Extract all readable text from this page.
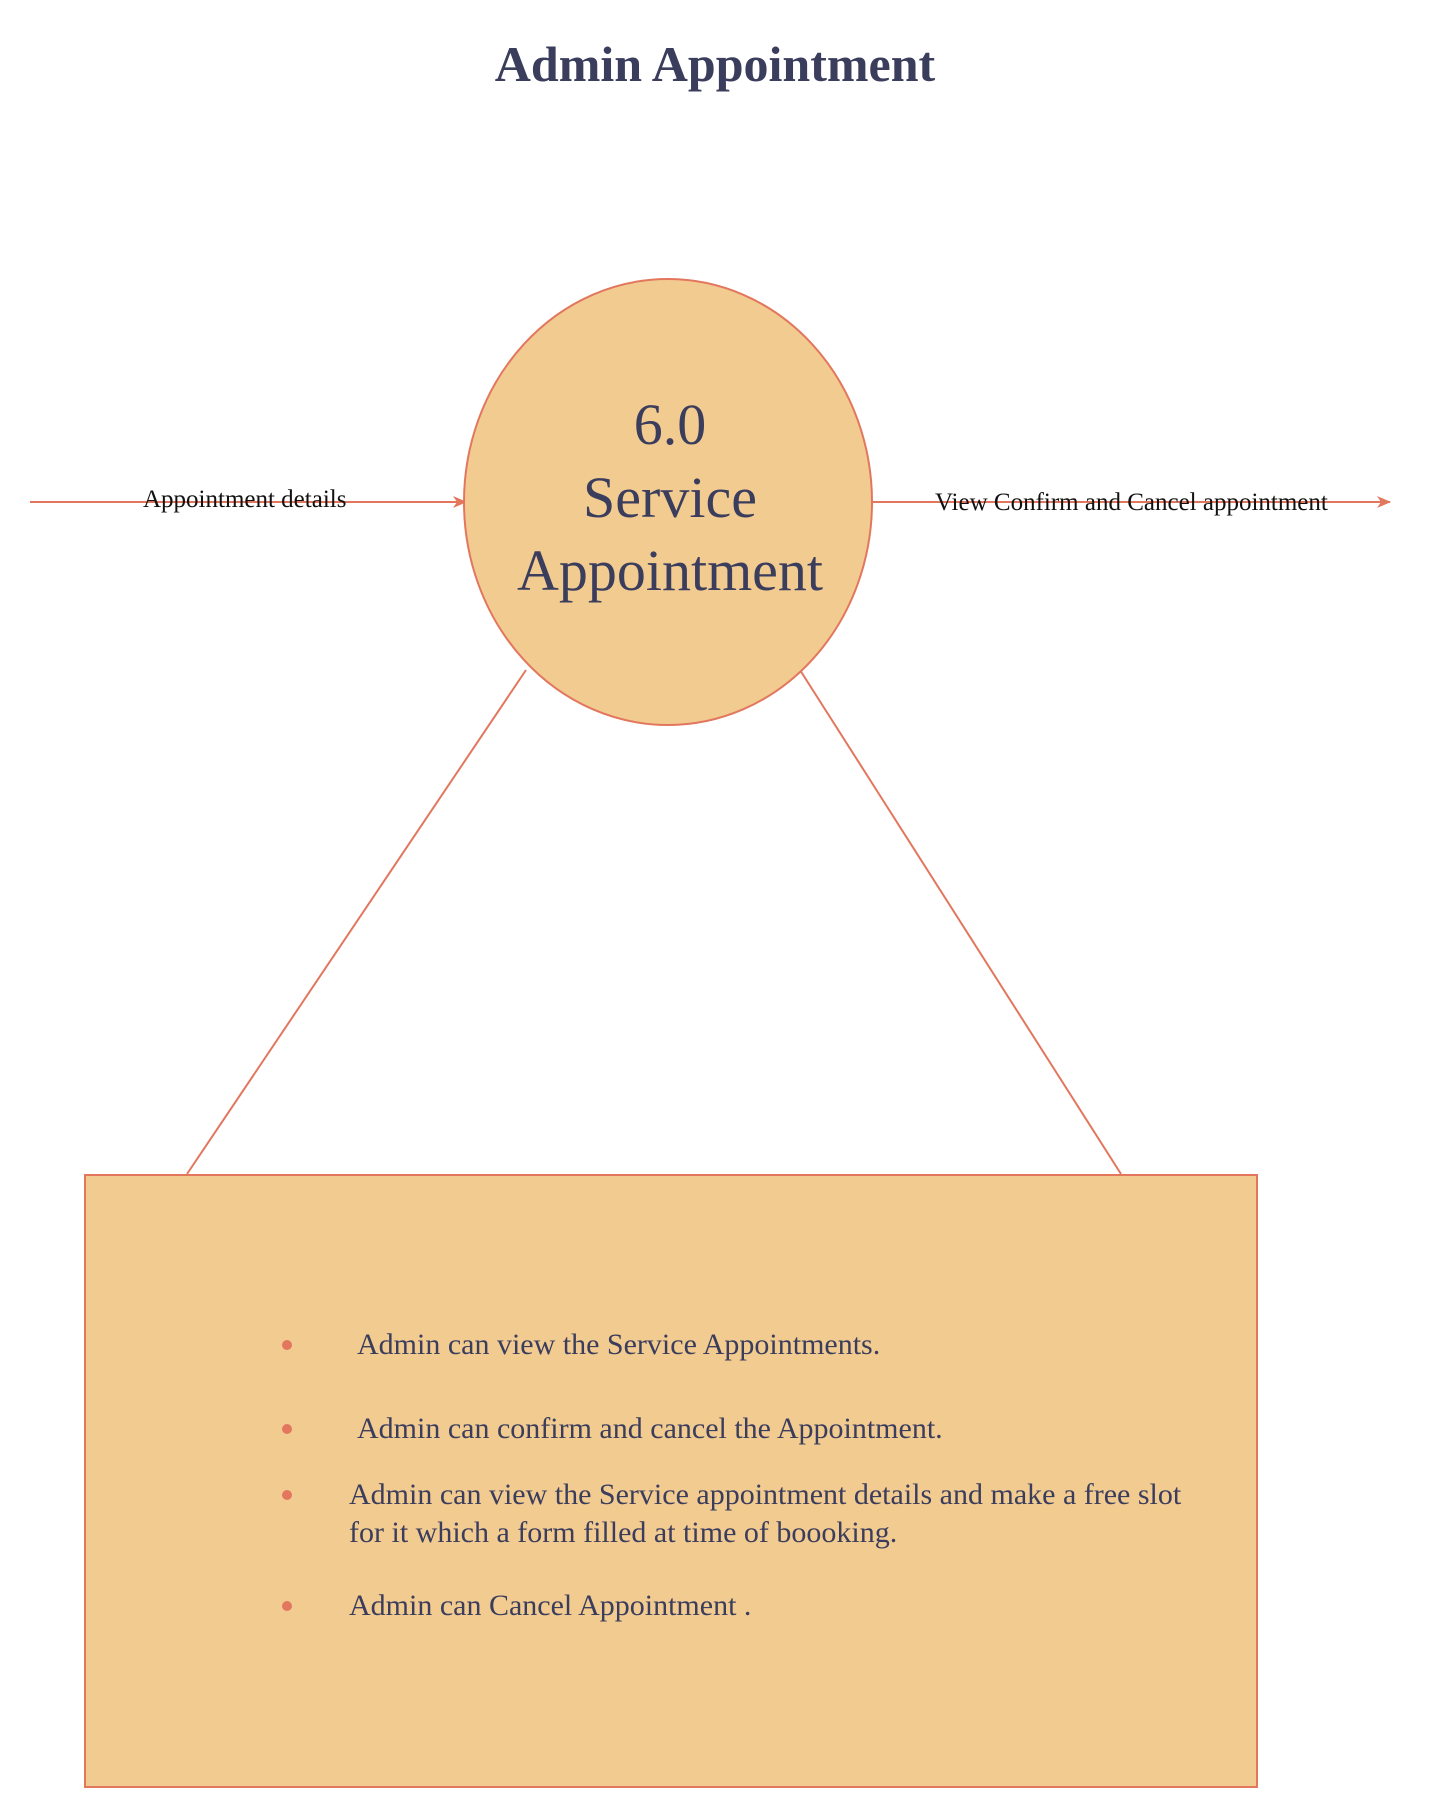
Admin Appointment
Appointment details	View Confirm and Cancel appointment
6.0
Service
Appointment
Admin can view the Service Appointments.
Admin can confirm and cancel the Appointment.
Admin can view the Service appointment details and make a free slot for it which a form filled at time of boooking.
Admin can Cancel Appointment .
